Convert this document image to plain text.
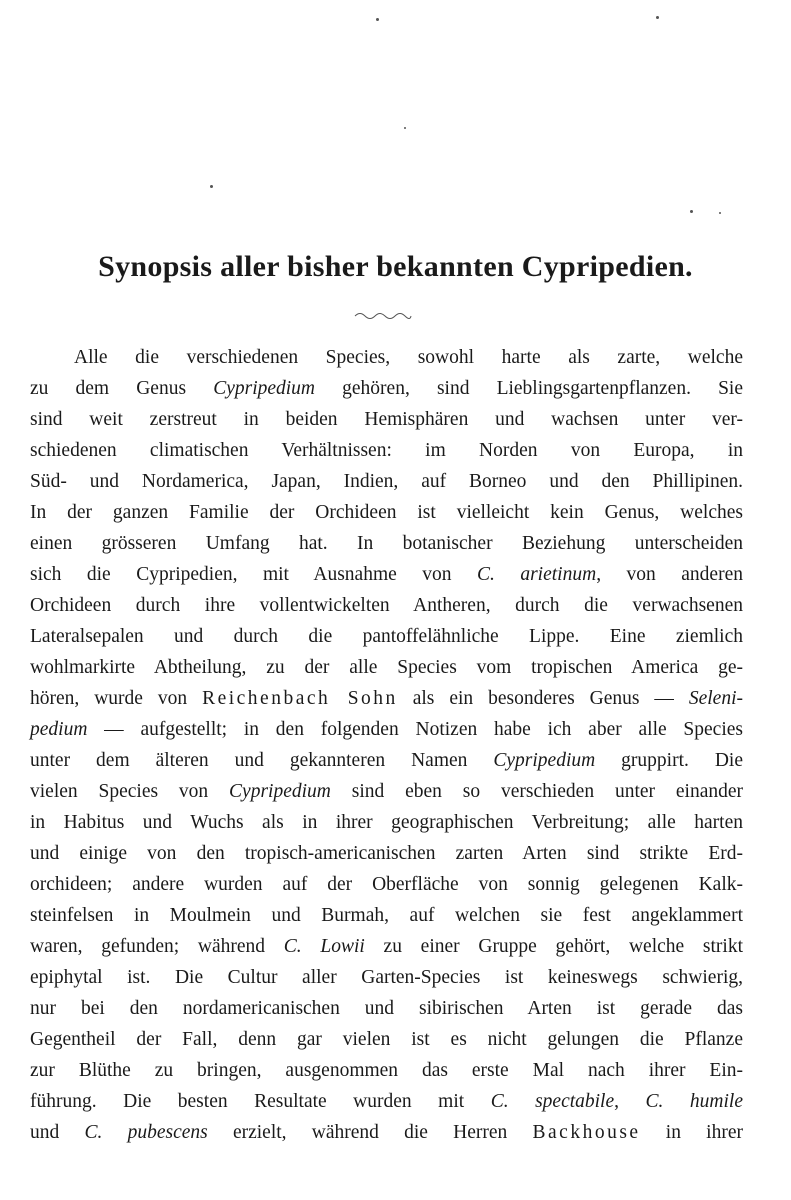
Synopsis aller bisher bekannten Cypripedien.
Alle die verschiedenen Species, sowohl harte als zarte, welche
zu dem Genus Cypripedium gehören, sind Lieblingsgartenpflanzen. Sie
sind weit zerstreut in beiden Hemisphären und wachsen unter ver-
schiedenen climatischen Verhältnissen: im Norden von Europa, in
Süd- und Nordamerica, Japan, Indien, auf Borneo und den Phillipinen.
In der ganzen Familie der Orchideen ist vielleicht kein Genus, welches
einen grösseren Umfang hat. In botanischer Beziehung unterscheiden
sich die Cypripedien, mit Ausnahme von C. arietinum, von anderen
Orchideen durch ihre vollentwickelten Antheren, durch die verwachsenen
Lateralsepalen und durch die pantoffelähnliche Lippe. Eine ziemlich
wohlmarkirte Abtheilung, zu der alle Species vom tropischen America ge-
hören, wurde von Reichenbach Sohn als ein besonderes Genus — Seleni-
pedium — aufgestellt; in den folgenden Notizen habe ich aber alle Species
unter dem älteren und gekannteren Namen Cypripedium gruppirt. Die
vielen Species von Cypripedium sind eben so verschieden unter einander
in Habitus und Wuchs als in ihrer geographischen Verbreitung; alle harten
und einige von den tropisch-americanischen zarten Arten sind strikte Erd-
orchideen; andere wurden auf der Oberfläche von sonnig gelegenen Kalk-
steinfelsen in Moulmein und Burmah, auf welchen sie fest angeklammert
waren, gefunden; während C. Lowii zu einer Gruppe gehört, welche strikt
epiphytal ist. Die Cultur aller Garten-Species ist keineswegs schwierig,
nur bei den nordamericanischen und sibirischen Arten ist gerade das
Gegentheil der Fall, denn gar vielen ist es nicht gelungen die Pflanze
zur Blüthe zu bringen, ausgenommen das erste Mal nach ihrer Ein-
führung. Die besten Resultate wurden mit C. spectabile, C. humile
und C. pubescens erzielt, während die Herren Backhouse in ihrer
